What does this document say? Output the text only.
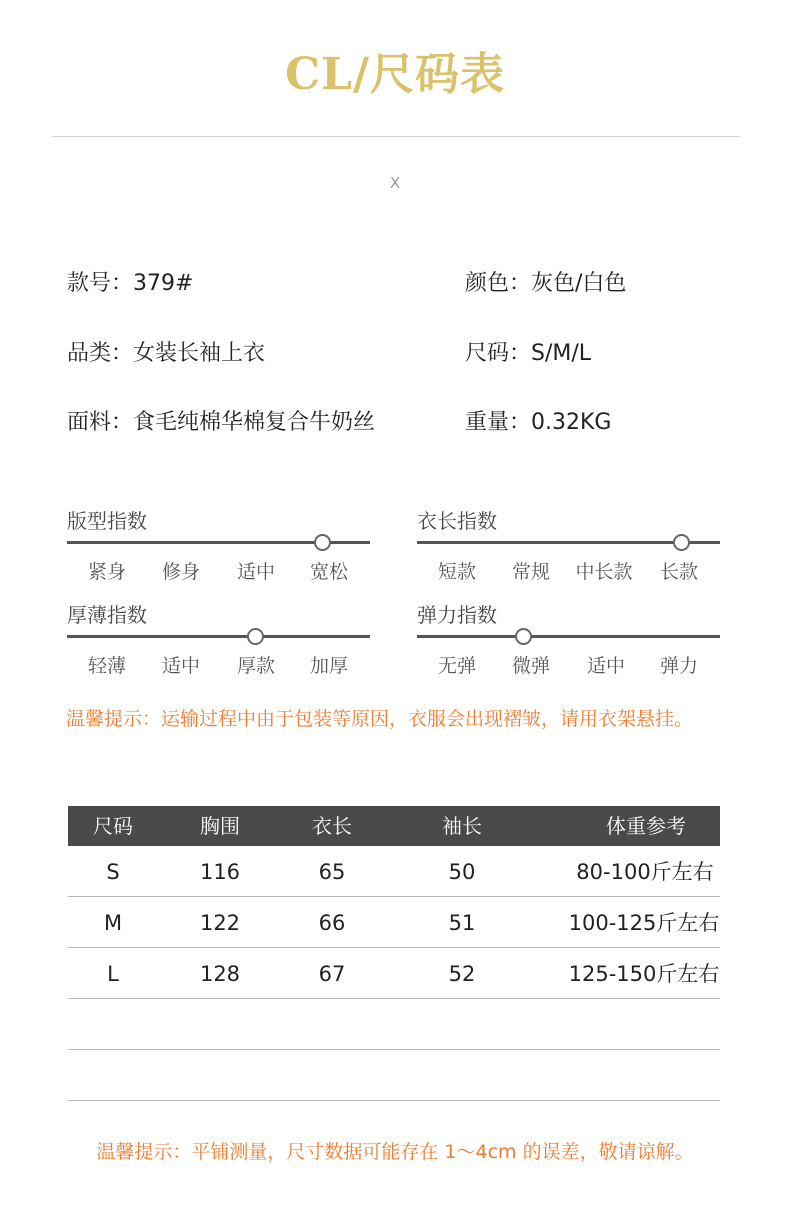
CL/尺码表
X
款号：379#	颜色：灰色/白色
品类：女装长袖上衣	尺码：S/M/L
面料：食毛纯棉华棉复合牛奶丝	重量：0.32KG
版型指数
紧身 修身 适中 宽松
衣长指数
短款 常规 中长款 长款
厚薄指数
轻薄 适中 厚款 加厚
弹力指数
无弹 微弹 适中 弹力
温馨提示：运输过程中由于包装等原因，衣服会出现褶皱，请用衣架悬挂。
尺码	胸围	衣长	袖长	体重参考
S	116	65	50	80-100斤左右
M	122	66	51	100-125斤左右
L	128	67	52	125-150斤左右
温馨提示：平铺测量，尺寸数据可能存在 1～4cm 的误差，敬请谅解。
